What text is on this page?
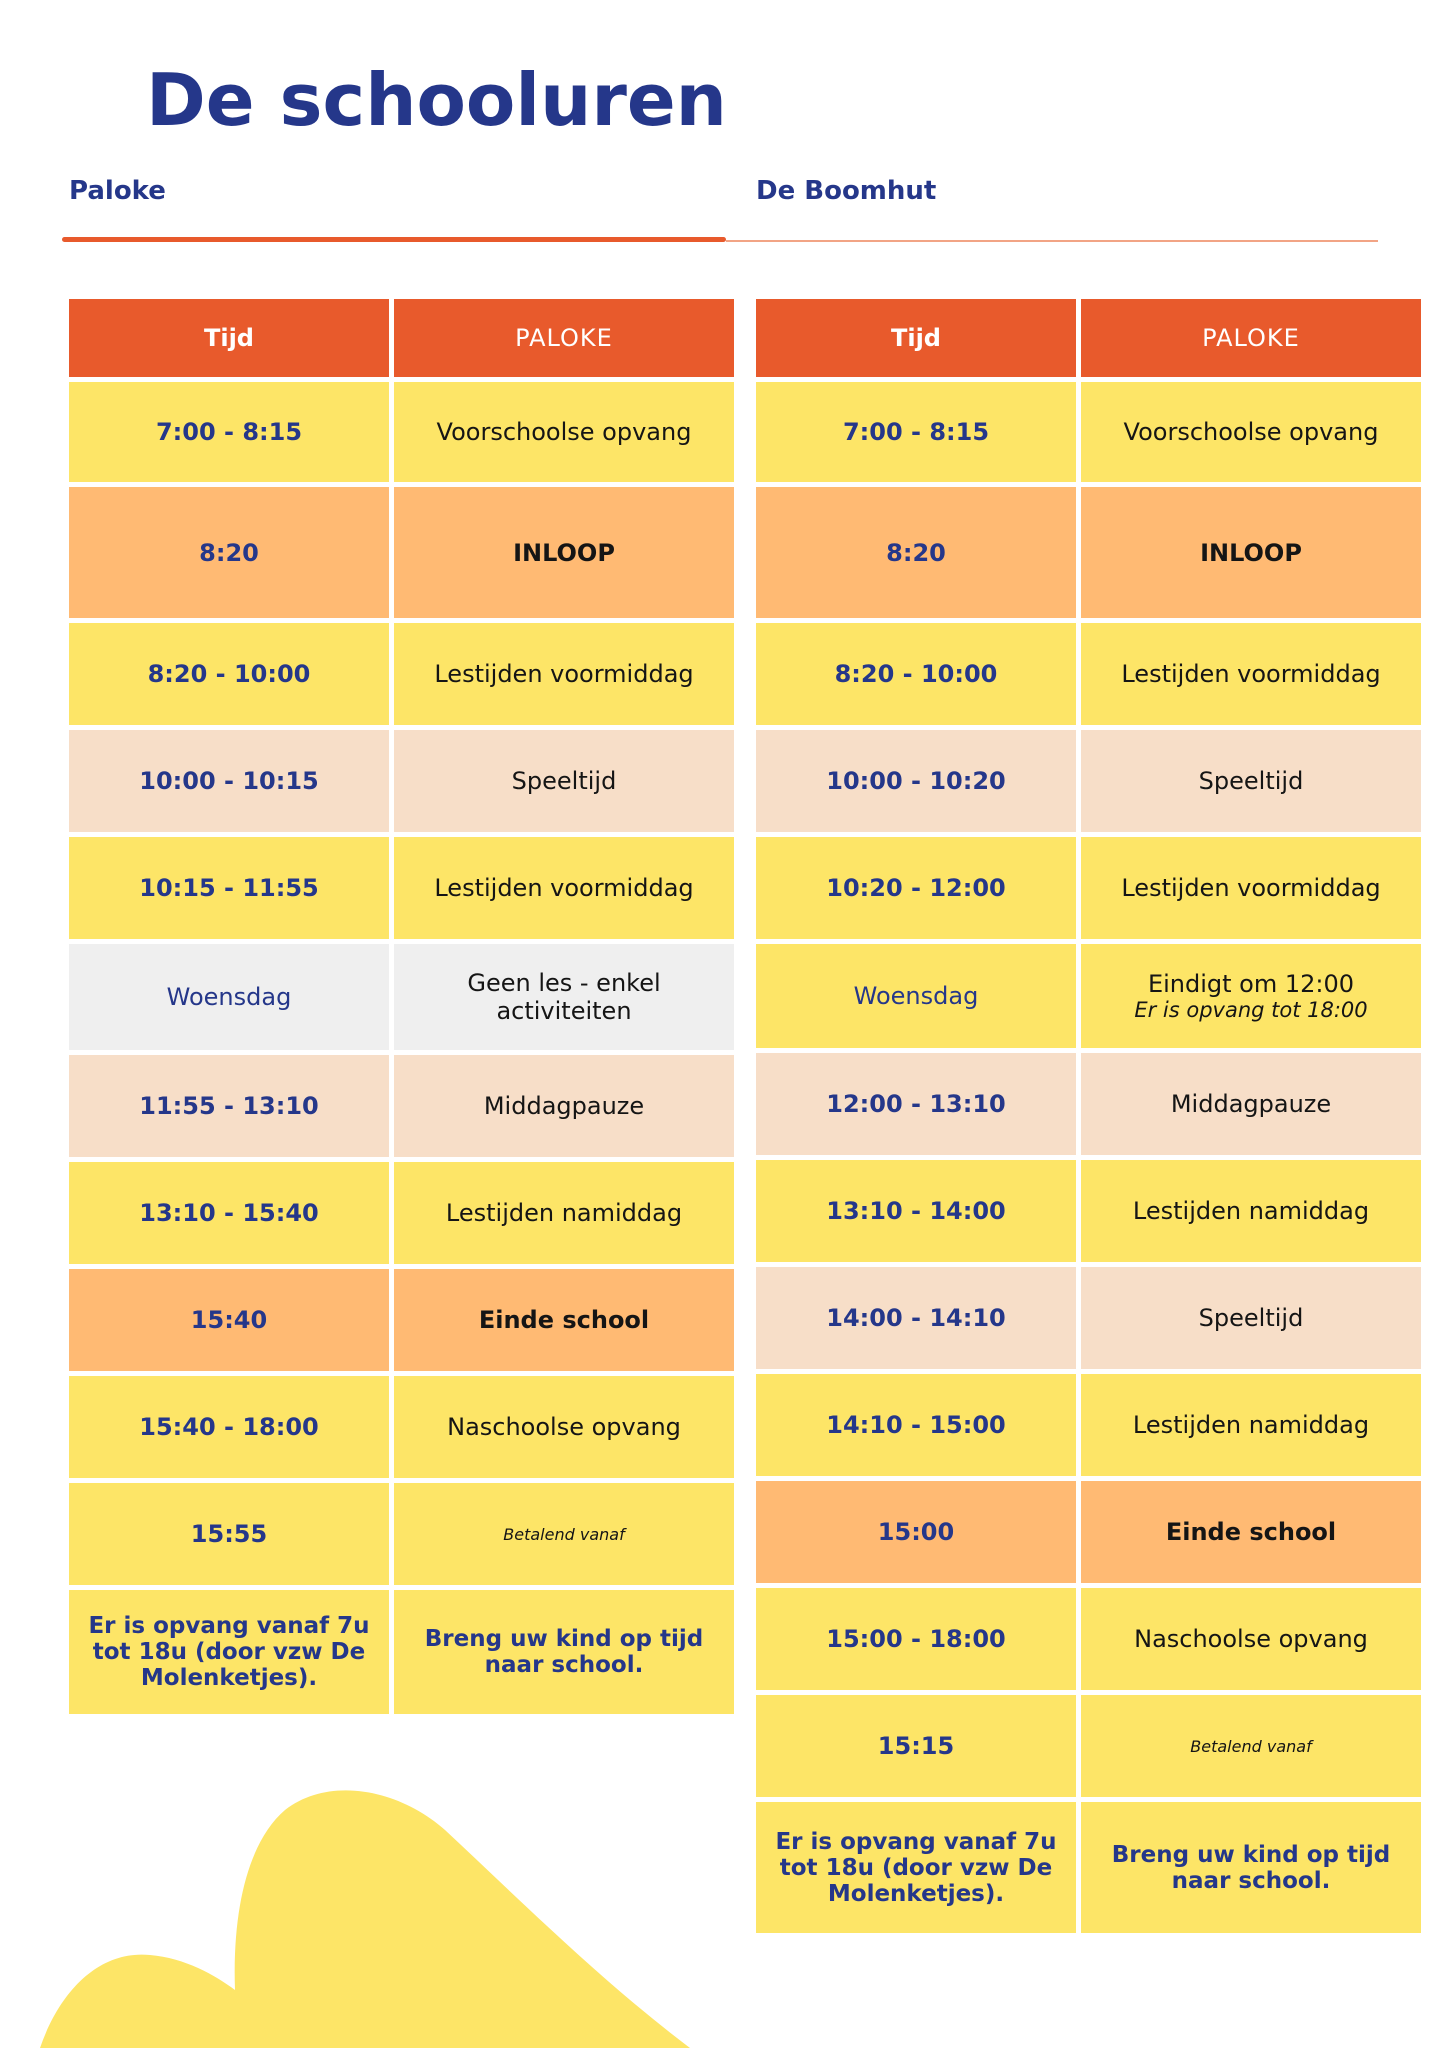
De schooluren
Paloke	De Boomhut
Tijd	PALOKE
7:00 - 8:15	Voorschoolse opvang
8:20	INLOOP
8:20 - 10:00	Lestijden voormiddag
10:00 - 10:15	Speeltijd
10:15 - 11:55	Lestijden voormiddag
Woensdag	Geen les - enkel activiteiten
11:55 - 13:10	Middagpauze
13:10 - 15:40	Lestijden namiddag
15:40	Einde school
15:40 - 18:00	Naschoolse opvang
15:55	Betalend vanaf
Er is opvang vanaf 7u tot 18u (door vzw De Molenketjes).	Breng uw kind op tijd naar school.
Tijd	PALOKE
7:00 - 8:15	Voorschoolse opvang
8:20	INLOOP
8:20 - 10:00	Lestijden voormiddag
10:00 - 10:20	Speeltijd
10:20 - 12:00	Lestijden voormiddag
Woensdag	Eindigt om 12:00
Er is opvang tot 18:00

12:00 - 13:10	Middagpauze
13:10 - 14:00	Lestijden namiddag
14:00 - 14:10	Speeltijd
14:10 - 15:00	Lestijden namiddag
15:00	Einde school
15:00 - 18:00	Naschoolse opvang
15:15	Betalend vanaf
Er is opvang vanaf 7u tot 18u (door vzw De Molenketjes).	Breng uw kind op tijd naar school.
